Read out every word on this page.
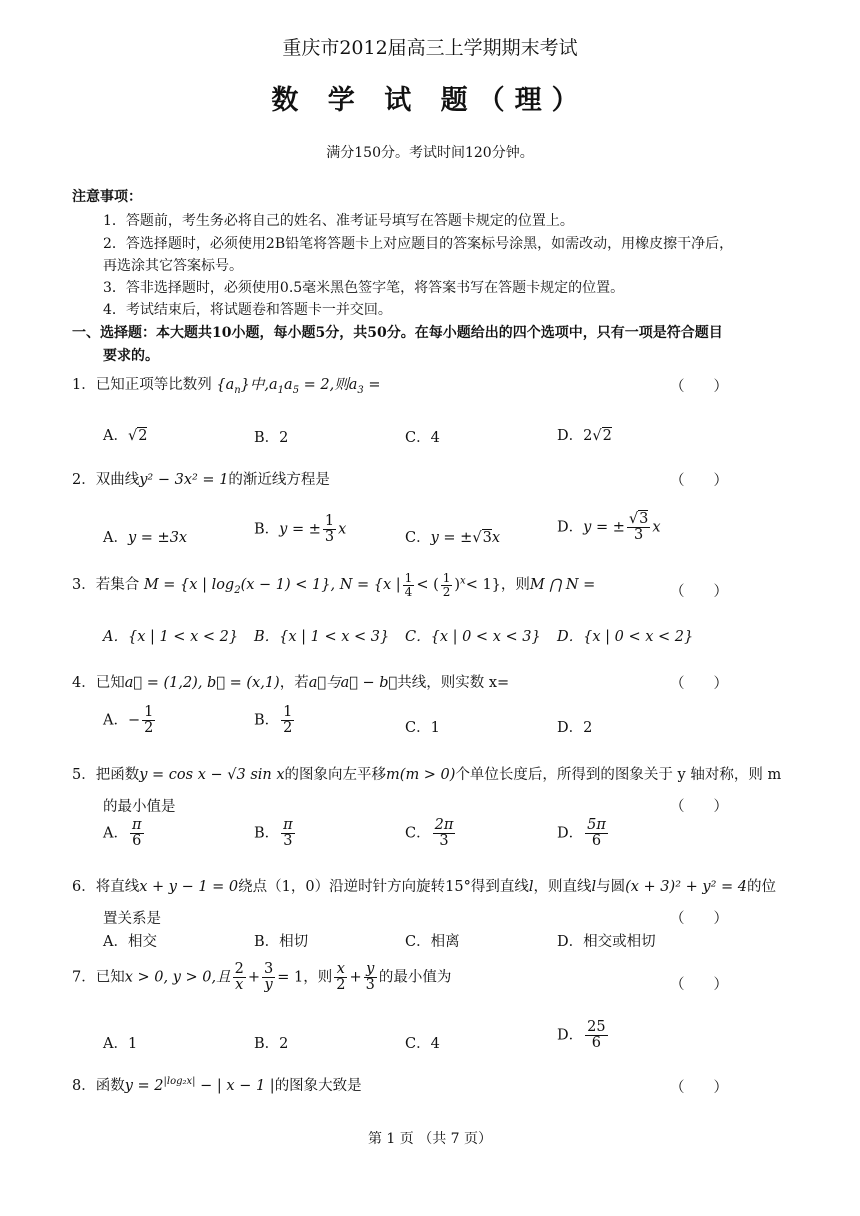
重庆市2012届高三上学期期末考试
数 学 试 题（理）
满分150分。考试时间120分钟。
注意事项：
1．答题前，考生务必将自己的姓名、准考证号填写在答题卡规定的位置上。
2．答选择题时，必须使用2B铅笔将答题卡上对应题目的答案标号涂黑，如需改动，用橡皮擦干净后，
再选涂其它答案标号。
3．答非选择题时，必须使用0.5毫米黑色签字笔，将答案书写在答题卡规定的位置。
4．考试结束后，将试题卷和答题卡一并交回。
一、选择题：本大题共10小题，每小题5分，共50分。在每小题给出的四个选项中，只有一项是符合题目
要求的。
1．已知正项等比数列 $\{a_n\}$中$,a_1a_5 = 2$,则$a_3$ =	（　　）
A．√2	B．2	C．4	D．2√2
2．双曲线y² − 3x² = 1的渐近线方程是	（　　）
A．y = ±3x
B．y = ± $\frac{1}{3}$ x
C．y = ±√3x
D．y = ± $\frac{√3}{3}$ x
3．若集合 M = {x | $\log_2(x - 1) < 1$}, N = {x | $\frac{1}{4}$ < ( $\frac{1}{2} )^x< 1$}，则M ⋂ N =	（　　）
A．{x | 1 < x < 2} B．{x | 1 < x < 3} C．{x | 0 < x < 3} D．{x | 0 < x < 2}
4．已知a⃗ = (1,2), b⃗ = (x,1)，若a⃗与a⃗ − b⃗共线，则实数 x=	（　　）
A．− $\frac{1}{2}$	B． $\frac{1}{2}$	C．1	D．2
5．把函数y = cos x − √3 sin x的图象向左平移m(m > 0)个单位长度后，所得到的图象关于 y 轴对称，则 m
的最小值是	（　　）
A． $\frac{\pi}{6}$	B． $\frac{\pi}{3}$	C． $\frac{2\pi}{3}$	D． $\frac{5\pi}{6}$
6．将直线x + y − 1 = 0绕点（1，0）沿逆时针方向旋转15°得到直线l，则直线l与圆(x + 3)² + y² = 4的位
置关系是	（　　）
A．相交	B．相切	C．相离	D．相交或相切
7．已知x > 0, y > 0,且 $\frac{2}{x} + \frac{3}{y} = 1$，则 $\frac{x}{2} + \frac{y}{3}$ 的最小值为	（　　）
A．1	B．2	C．4
D． $\frac{25}{6}$
8．函数$y = 2^{|log_2x|}$ − | x − 1 |的图象大致是	（　　）
第 1 页 （共 7 页）
